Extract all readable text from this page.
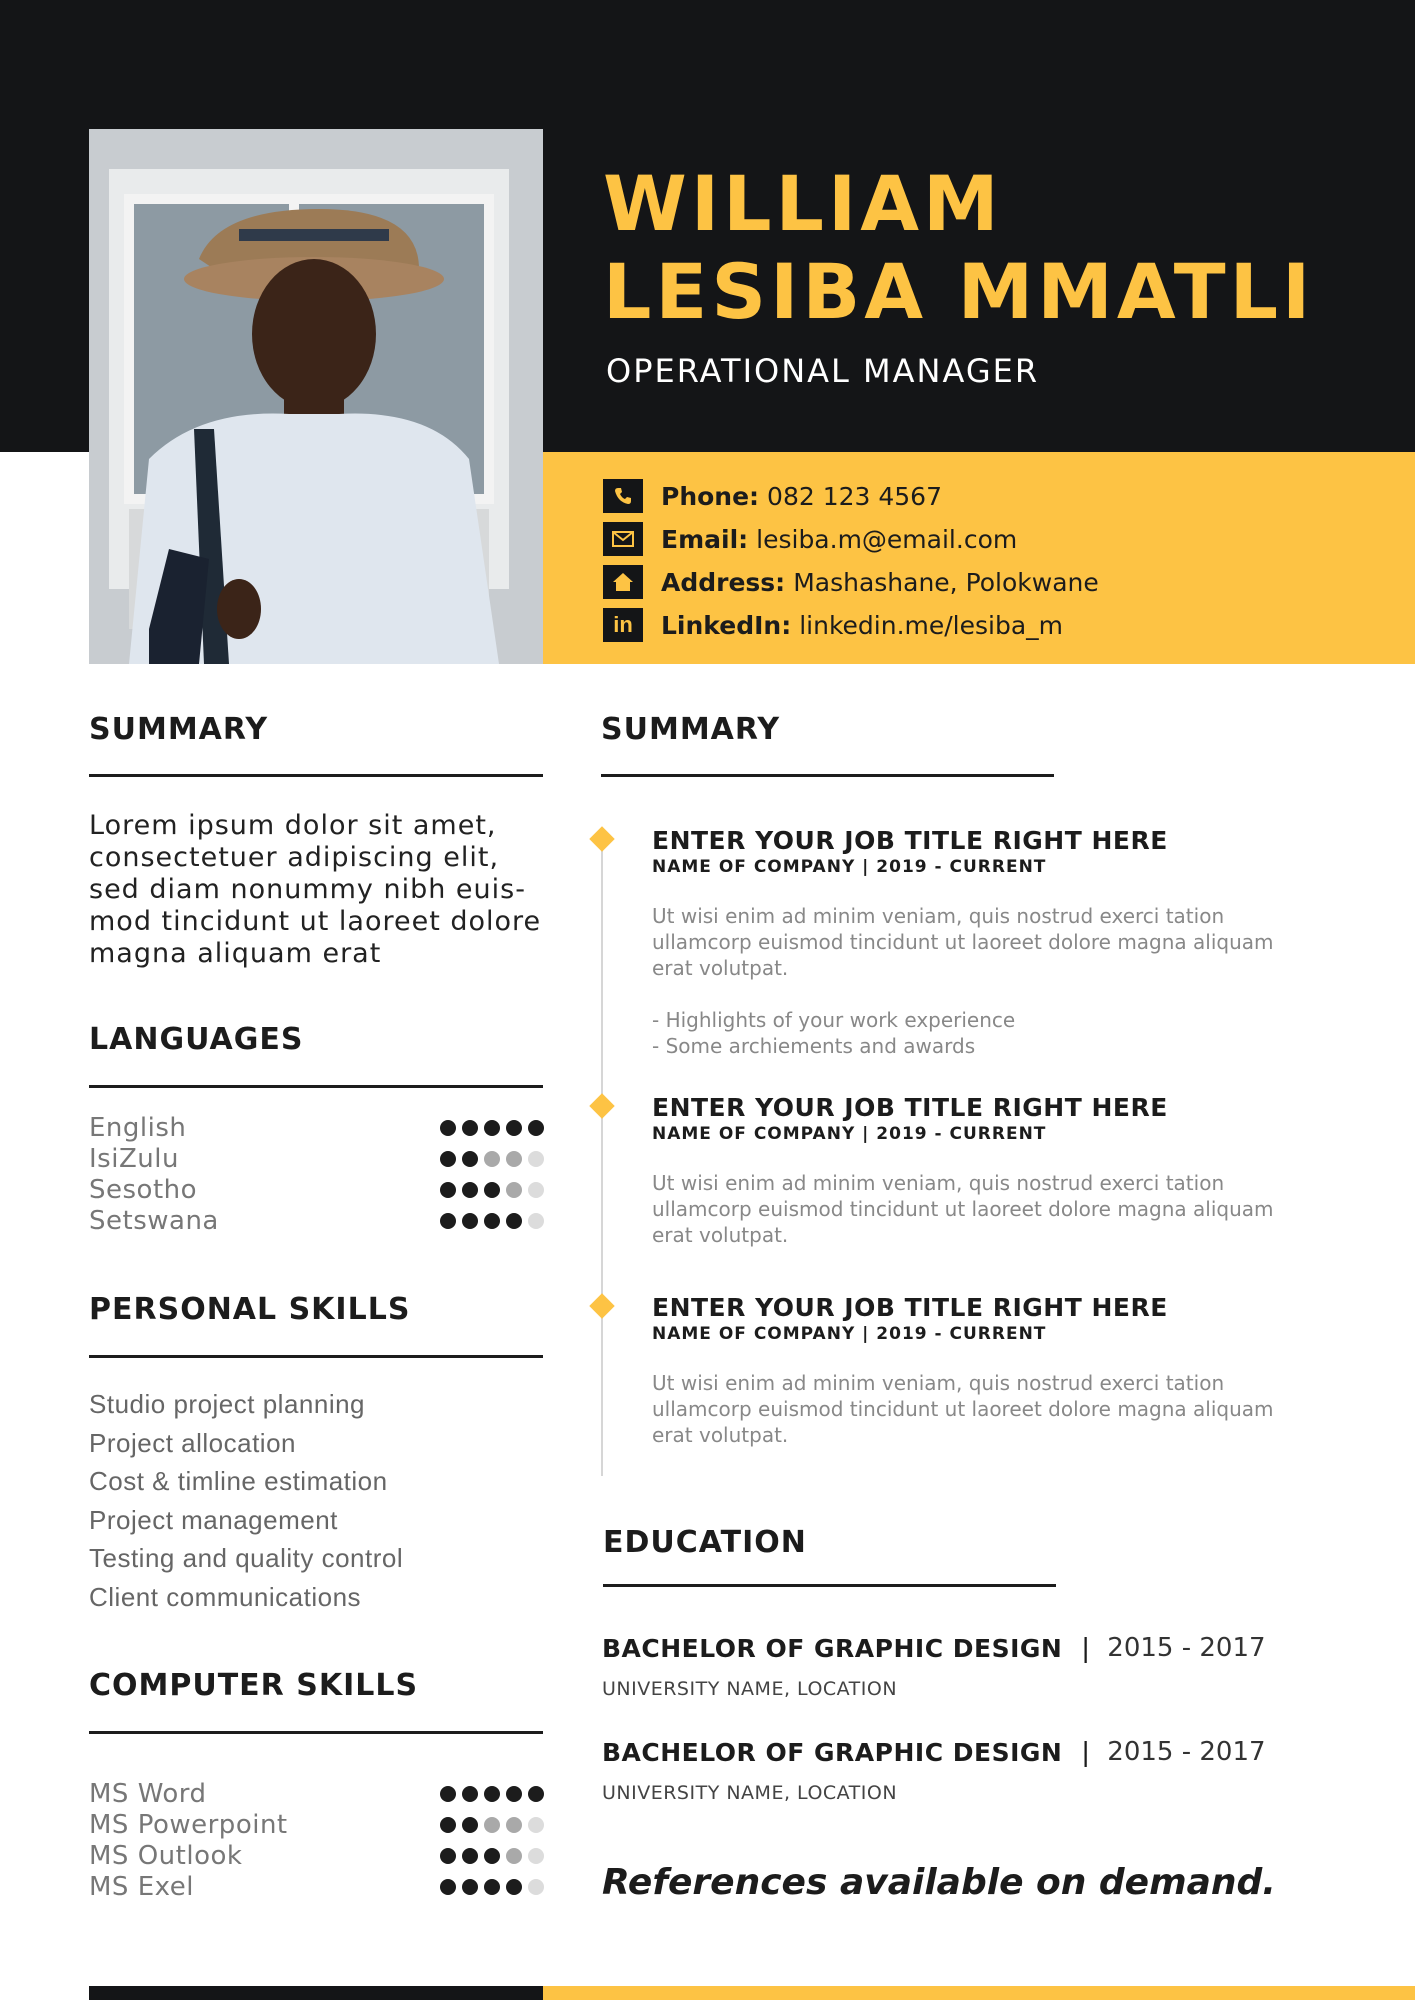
WILLIAM
LESIBA MMATLI
OPERATIONAL MANAGER
Phone: 082 123 4567
Email: lesiba.m@email.com
Address: Mashashane, Polokwane
in	LinkedIn: linkedin.me/lesiba_m
SUMMARY
Lorem ipsum dolor sit amet, consectetuer adipiscing elit, sed diam nonummy nibh euis-mod tincidunt ut laoreet dolore magna aliquam erat
LANGUAGES
English
IsiZulu
Sesotho
Setswana
PERSONAL SKILLS
Studio project planning
Project allocation
Cost & timline estimation
Project management
Testing and quality control
Client communications
COMPUTER SKILLS
MS Word
MS Powerpoint
MS Outlook
MS Exel
SUMMARY
ENTER YOUR JOB TITLE RIGHT HERE
NAME OF COMPANY | 2019 - CURRENT
Ut wisi enim ad minim veniam, quis nostrud exerci tation ullamcorp euismod tincidunt ut laoreet dolore magna aliquam erat volutpat.
- Highlights of your work experience
- Some archiements and awards
ENTER YOUR JOB TITLE RIGHT HERE
NAME OF COMPANY | 2019 - CURRENT
Ut wisi enim ad minim veniam, quis nostrud exerci tation ullamcorp euismod tincidunt ut laoreet dolore magna aliquam erat volutpat.
ENTER YOUR JOB TITLE RIGHT HERE
NAME OF COMPANY | 2019 - CURRENT
Ut wisi enim ad minim veniam, quis nostrud exerci tation ullamcorp euismod tincidunt ut laoreet dolore magna aliquam erat volutpat.
EDUCATION
BACHELOR OF GRAPHIC DESIGN | 2015 - 2017
UNIVERSITY NAME, LOCATION
BACHELOR OF GRAPHIC DESIGN | 2015 - 2017
UNIVERSITY NAME, LOCATION
References available on demand.
